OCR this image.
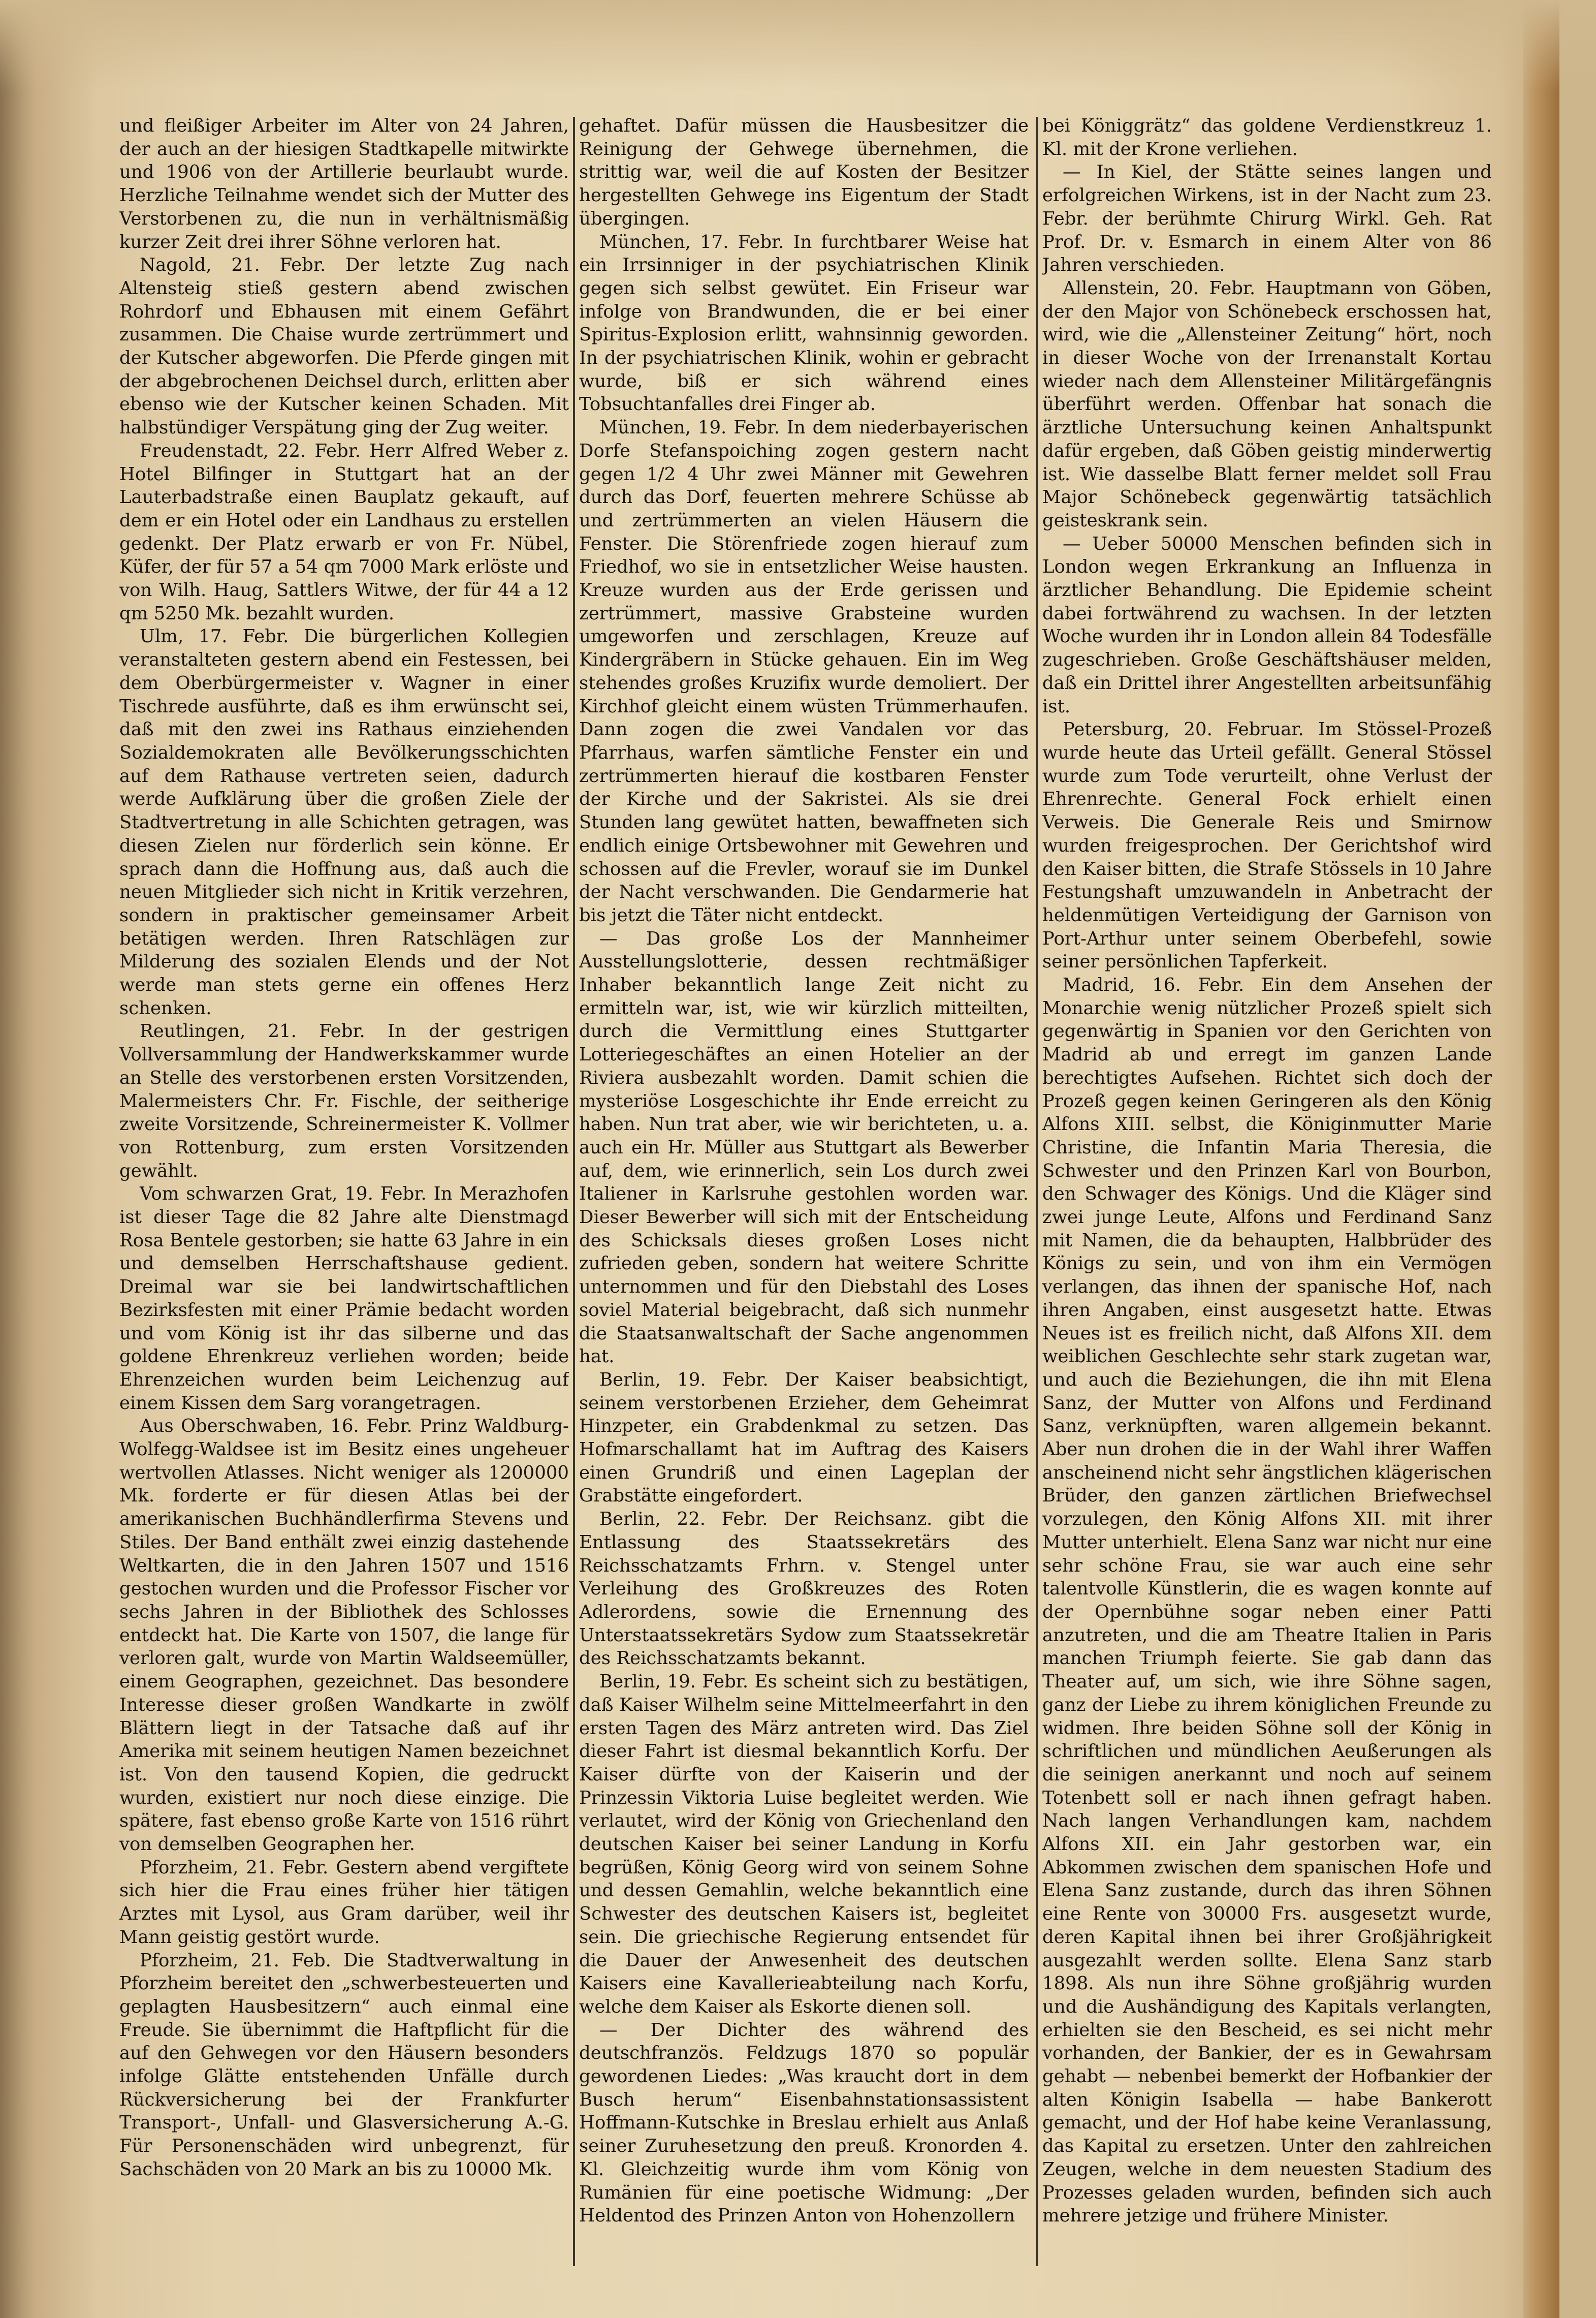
und fleißiger Arbeiter im Alter von 24 Jahren, der auch an der hiesigen Stadtkapelle mitwirkte und 1906 von der Artillerie beurlaubt wurde. Herzliche Teilnahme wendet sich der Mutter des Verstorbenen zu, die nun in verhältnismäßig kurzer Zeit drei ihrer Söhne verloren hat.

Nagold, 21. Febr. Der letzte Zug nach Altensteig stieß gestern abend zwischen Rohrdorf und Ebhausen mit einem Gefährt zusammen. Die Chaise wurde zertrümmert und der Kutscher abgeworfen. Die Pferde gingen mit der abgebrochenen Deichsel durch, erlitten aber ebenso wie der Kutscher keinen Schaden. Mit halbstündiger Verspätung ging der Zug weiter.

Freudenstadt, 22. Febr. Herr Alfred Weber z. Hotel Bilfinger in Stuttgart hat an der Lauterbadstraße einen Bauplatz gekauft, auf dem er ein Hotel oder ein Landhaus zu erstellen gedenkt. Der Platz erwarb er von Fr. Nübel, Küfer, der für 57 a 54 qm 7000 Mark erlöste und von Wilh. Haug, Sattlers Witwe, der für 44 a 12 qm 5250 Mk. bezahlt wurden.

Ulm, 17. Febr. Die bürgerlichen Kollegien veranstalteten gestern abend ein Festessen, bei dem Oberbürgermeister v. Wagner in einer Tischrede ausführte, daß es ihm erwünscht sei, daß mit den zwei ins Rathaus einziehenden Sozialdemokraten alle Bevölkerungsschichten auf dem Rathause vertreten seien, dadurch werde Aufklärung über die großen Ziele der Stadtvertretung in alle Schichten getragen, was diesen Zielen nur förderlich sein könne. Er sprach dann die Hoffnung aus, daß auch die neuen Mitglieder sich nicht in Kritik verzehren, sondern in praktischer gemeinsamer Arbeit betätigen werden. Ihren Ratschlägen zur Milderung des sozialen Elends und der Not werde man stets gerne ein offenes Herz schenken.

Reutlingen, 21. Febr. In der gestrigen Vollversammlung der Handwerkskammer wurde an Stelle des verstorbenen ersten Vorsitzenden, Malermeisters Chr. Fr. Fischle, der seitherige zweite Vorsitzende, Schreinermeister K. Vollmer von Rottenburg, zum ersten Vorsitzenden gewählt.

Vom schwarzen Grat, 19. Febr. In Merazhofen ist dieser Tage die 82 Jahre alte Dienstmagd Rosa Bentele gestorben; sie hatte 63 Jahre in ein und demselben Herrschaftshause gedient. Dreimal war sie bei landwirtschaftlichen Bezirksfesten mit einer Prämie bedacht worden und vom König ist ihr das silberne und das goldene Ehrenkreuz verliehen worden; beide Ehrenzeichen wurden beim Leichenzug auf einem Kissen dem Sarg vorangetragen.

Aus Oberschwaben, 16. Febr. Prinz Waldburg-Wolfegg-Waldsee ist im Besitz eines ungeheuer wertvollen Atlasses. Nicht weniger als 1200000 Mk. forderte er für diesen Atlas bei der amerikanischen Buchhändlerfirma Stevens und Stiles. Der Band enthält zwei einzig dastehende Weltkarten, die in den Jahren 1507 und 1516 gestochen wurden und die Professor Fischer vor sechs Jahren in der Bibliothek des Schlosses entdeckt hat. Die Karte von 1507, die lange für verloren galt, wurde von Martin Waldseemüller, einem Geographen, gezeichnet. Das besondere Interesse dieser großen Wandkarte in zwölf Blättern liegt in der Tatsache daß auf ihr Amerika mit seinem heutigen Namen bezeichnet ist. Von den tausend Kopien, die gedruckt wurden, existiert nur noch diese einzige. Die spätere, fast ebenso große Karte von 1516 rührt von demselben Geographen her.

Pforzheim, 21. Febr. Gestern abend vergiftete sich hier die Frau eines früher hier tätigen Arztes mit Lysol, aus Gram darüber, weil ihr Mann geistig gestört wurde.

Pforzheim, 21. Feb. Die Stadtverwaltung in Pforzheim bereitet den „schwerbesteuerten und geplagten Hausbesitzern“ auch einmal eine Freude. Sie übernimmt die Haftpflicht für die auf den Gehwegen vor den Häusern besonders infolge Glätte entstehenden Unfälle durch Rückversicherung bei der Frankfurter Transport-, Unfall- und Glasversicherung A.-G. Für Personenschäden wird unbegrenzt, für Sachschäden von 20 Mark an bis zu 10000 Mk.

gehaftet. Dafür müssen die Hausbesitzer die Reinigung der Gehwege übernehmen, die strittig war, weil die auf Kosten der Besitzer hergestellten Gehwege ins Eigentum der Stadt übergingen.

München, 17. Febr. In furchtbarer Weise hat ein Irrsinniger in der psychiatrischen Klinik gegen sich selbst gewütet. Ein Friseur war infolge von Brandwunden, die er bei einer Spiritus-Explosion erlitt, wahnsinnig geworden. In der psychiatrischen Klinik, wohin er gebracht wurde, biß er sich während eines Tobsuchtanfalles drei Finger ab.

München, 19. Febr. In dem niederbayerischen Dorfe Stefanspoiching zogen gestern nacht gegen 1/2 4 Uhr zwei Männer mit Gewehren durch das Dorf, feuerten mehrere Schüsse ab und zertrümmerten an vielen Häusern die Fenster. Die Störenfriede zogen hierauf zum Friedhof, wo sie in entsetzlicher Weise hausten. Kreuze wurden aus der Erde gerissen und zertrümmert, massive Grabsteine wurden umgeworfen und zerschlagen, Kreuze auf Kindergräbern in Stücke gehauen. Ein im Weg stehendes großes Kruzifix wurde demoliert. Der Kirchhof gleicht einem wüsten Trümmerhaufen. Dann zogen die zwei Vandalen vor das Pfarrhaus, warfen sämtliche Fenster ein und zertrümmerten hierauf die kostbaren Fenster der Kirche und der Sakristei. Als sie drei Stunden lang gewütet hatten, bewaffneten sich endlich einige Ortsbewohner mit Gewehren und schossen auf die Frevler, worauf sie im Dunkel der Nacht verschwanden. Die Gendarmerie hat bis jetzt die Täter nicht entdeckt.

— Das große Los der Mannheimer Ausstellungslotterie, dessen rechtmäßiger Inhaber bekanntlich lange Zeit nicht zu ermitteln war, ist, wie wir kürzlich mitteilten, durch die Vermittlung eines Stuttgarter Lotteriegeschäftes an einen Hotelier an der Riviera ausbezahlt worden. Damit schien die mysteriöse Losgeschichte ihr Ende erreicht zu haben. Nun trat aber, wie wir berichteten, u. a. auch ein Hr. Müller aus Stuttgart als Bewerber auf, dem, wie erinnerlich, sein Los durch zwei Italiener in Karlsruhe gestohlen worden war. Dieser Bewerber will sich mit der Entscheidung des Schicksals dieses großen Loses nicht zufrieden geben, sondern hat weitere Schritte unternommen und für den Diebstahl des Loses soviel Material beigebracht, daß sich nunmehr die Staatsanwaltschaft der Sache angenommen hat.

Berlin, 19. Febr. Der Kaiser beabsichtigt, seinem verstorbenen Erzieher, dem Geheimrat Hinzpeter, ein Grabdenkmal zu setzen. Das Hofmarschallamt hat im Auftrag des Kaisers einen Grundriß und einen Lageplan der Grabstätte eingefordert.

Berlin, 22. Febr. Der Reichsanz. gibt die Entlassung des Staatssekretärs des Reichsschatzamts Frhrn. v. Stengel unter Verleihung des Großkreuzes des Roten Adlerordens, sowie die Ernennung des Unterstaatssekretärs Sydow zum Staatssekretär des Reichsschatzamts bekannt.

Berlin, 19. Febr. Es scheint sich zu bestätigen, daß Kaiser Wilhelm seine Mittelmeerfahrt in den ersten Tagen des März antreten wird. Das Ziel dieser Fahrt ist diesmal bekanntlich Korfu. Der Kaiser dürfte von der Kaiserin und der Prinzessin Viktoria Luise begleitet werden. Wie verlautet, wird der König von Griechenland den deutschen Kaiser bei seiner Landung in Korfu begrüßen, König Georg wird von seinem Sohne und dessen Gemahlin, welche bekanntlich eine Schwester des deutschen Kaisers ist, begleitet sein. Die griechische Regierung entsendet für die Dauer der Anwesenheit des deutschen Kaisers eine Kavallerieabteilung nach Korfu, welche dem Kaiser als Eskorte dienen soll.

— Der Dichter des während des deutschfranzös. Feldzugs 1870 so populär gewordenen Liedes: „Was kraucht dort in dem Busch herum“ Eisenbahnstationsassistent Hoffmann-Kutschke in Breslau erhielt aus Anlaß seiner Zuruhesetzung den preuß. Kronorden 4. Kl. Gleichzeitig wurde ihm vom König von Rumänien für eine poetische Widmung: „Der Heldentod des Prinzen Anton von Hohenzollern

bei Königgrätz“ das goldene Verdienstkreuz 1. Kl. mit der Krone verliehen.

— In Kiel, der Stätte seines langen und erfolgreichen Wirkens, ist in der Nacht zum 23. Febr. der berühmte Chirurg Wirkl. Geh. Rat Prof. Dr. v. Esmarch in einem Alter von 86 Jahren verschieden.

Allenstein, 20. Febr. Hauptmann von Göben, der den Major von Schönebeck erschossen hat, wird, wie die „Allensteiner Zeitung“ hört, noch in dieser Woche von der Irrenanstalt Kortau wieder nach dem Allensteiner Militärgefängnis überführt werden. Offenbar hat sonach die ärztliche Untersuchung keinen Anhaltspunkt dafür ergeben, daß Göben geistig minderwertig ist. Wie dasselbe Blatt ferner meldet soll Frau Major Schönebeck gegenwärtig tatsächlich geisteskrank sein.

— Ueber 50000 Menschen befinden sich in London wegen Erkrankung an Influenza in ärztlicher Behandlung. Die Epidemie scheint dabei fortwährend zu wachsen. In der letzten Woche wurden ihr in London allein 84 Todesfälle zugeschrieben. Große Geschäftshäuser melden, daß ein Drittel ihrer Angestellten arbeitsunfähig ist.

Petersburg, 20. Februar. Im Stössel-Prozeß wurde heute das Urteil gefällt. General Stössel wurde zum Tode verurteilt, ohne Verlust der Ehrenrechte. General Fock erhielt einen Verweis. Die Generale Reis und Smirnow wurden freigesprochen. Der Gerichtshof wird den Kaiser bitten, die Strafe Stössels in 10 Jahre Festungshaft umzuwandeln in Anbetracht der heldenmütigen Verteidigung der Garnison von Port-Arthur unter seinem Oberbefehl, sowie seiner persönlichen Tapferkeit.

Madrid, 16. Febr. Ein dem Ansehen der Monarchie wenig nützlicher Prozeß spielt sich gegenwärtig in Spanien vor den Gerichten von Madrid ab und erregt im ganzen Lande berechtigtes Aufsehen. Richtet sich doch der Prozeß gegen keinen Geringeren als den König Alfons XIII. selbst, die Königinmutter Marie Christine, die Infantin Maria Theresia, die Schwester und den Prinzen Karl von Bourbon, den Schwager des Königs. Und die Kläger sind zwei junge Leute, Alfons und Ferdinand Sanz mit Namen, die da behaupten, Halbbrüder des Königs zu sein, und von ihm ein Vermögen verlangen, das ihnen der spanische Hof, nach ihren Angaben, einst ausgesetzt hatte. Etwas Neues ist es freilich nicht, daß Alfons XII. dem weiblichen Geschlechte sehr stark zugetan war, und auch die Beziehungen, die ihn mit Elena Sanz, der Mutter von Alfons und Ferdinand Sanz, verknüpften, waren allgemein bekannt. Aber nun drohen die in der Wahl ihrer Waffen anscheinend nicht sehr ängstlichen klägerischen Brüder, den ganzen zärtlichen Briefwechsel vorzulegen, den König Alfons XII. mit ihrer Mutter unterhielt. Elena Sanz war nicht nur eine sehr schöne Frau, sie war auch eine sehr talentvolle Künstlerin, die es wagen konnte auf der Opernbühne sogar neben einer Patti anzutreten, und die am Theatre Italien in Paris manchen Triumph feierte. Sie gab dann das Theater auf, um sich, wie ihre Söhne sagen, ganz der Liebe zu ihrem königlichen Freunde zu widmen. Ihre beiden Söhne soll der König in schriftlichen und mündlichen Aeußerungen als die seinigen anerkannt und noch auf seinem Totenbett soll er nach ihnen gefragt haben. Nach langen Verhandlungen kam, nachdem Alfons XII. ein Jahr gestorben war, ein Abkommen zwischen dem spanischen Hofe und Elena Sanz zustande, durch das ihren Söhnen eine Rente von 30000 Frs. ausgesetzt wurde, deren Kapital ihnen bei ihrer Großjährigkeit ausgezahlt werden sollte. Elena Sanz starb 1898. Als nun ihre Söhne großjährig wurden und die Aushändigung des Kapitals verlangten, erhielten sie den Bescheid, es sei nicht mehr vorhanden, der Bankier, der es in Gewahrsam gehabt — nebenbei bemerkt der Hofbankier der alten Königin Isabella — habe Bankerott gemacht, und der Hof habe keine Veranlassung, das Kapital zu ersetzen. Unter den zahlreichen Zeugen, welche in dem neuesten Stadium des Prozesses geladen wurden, befinden sich auch mehrere jetzige und frühere Minister.
